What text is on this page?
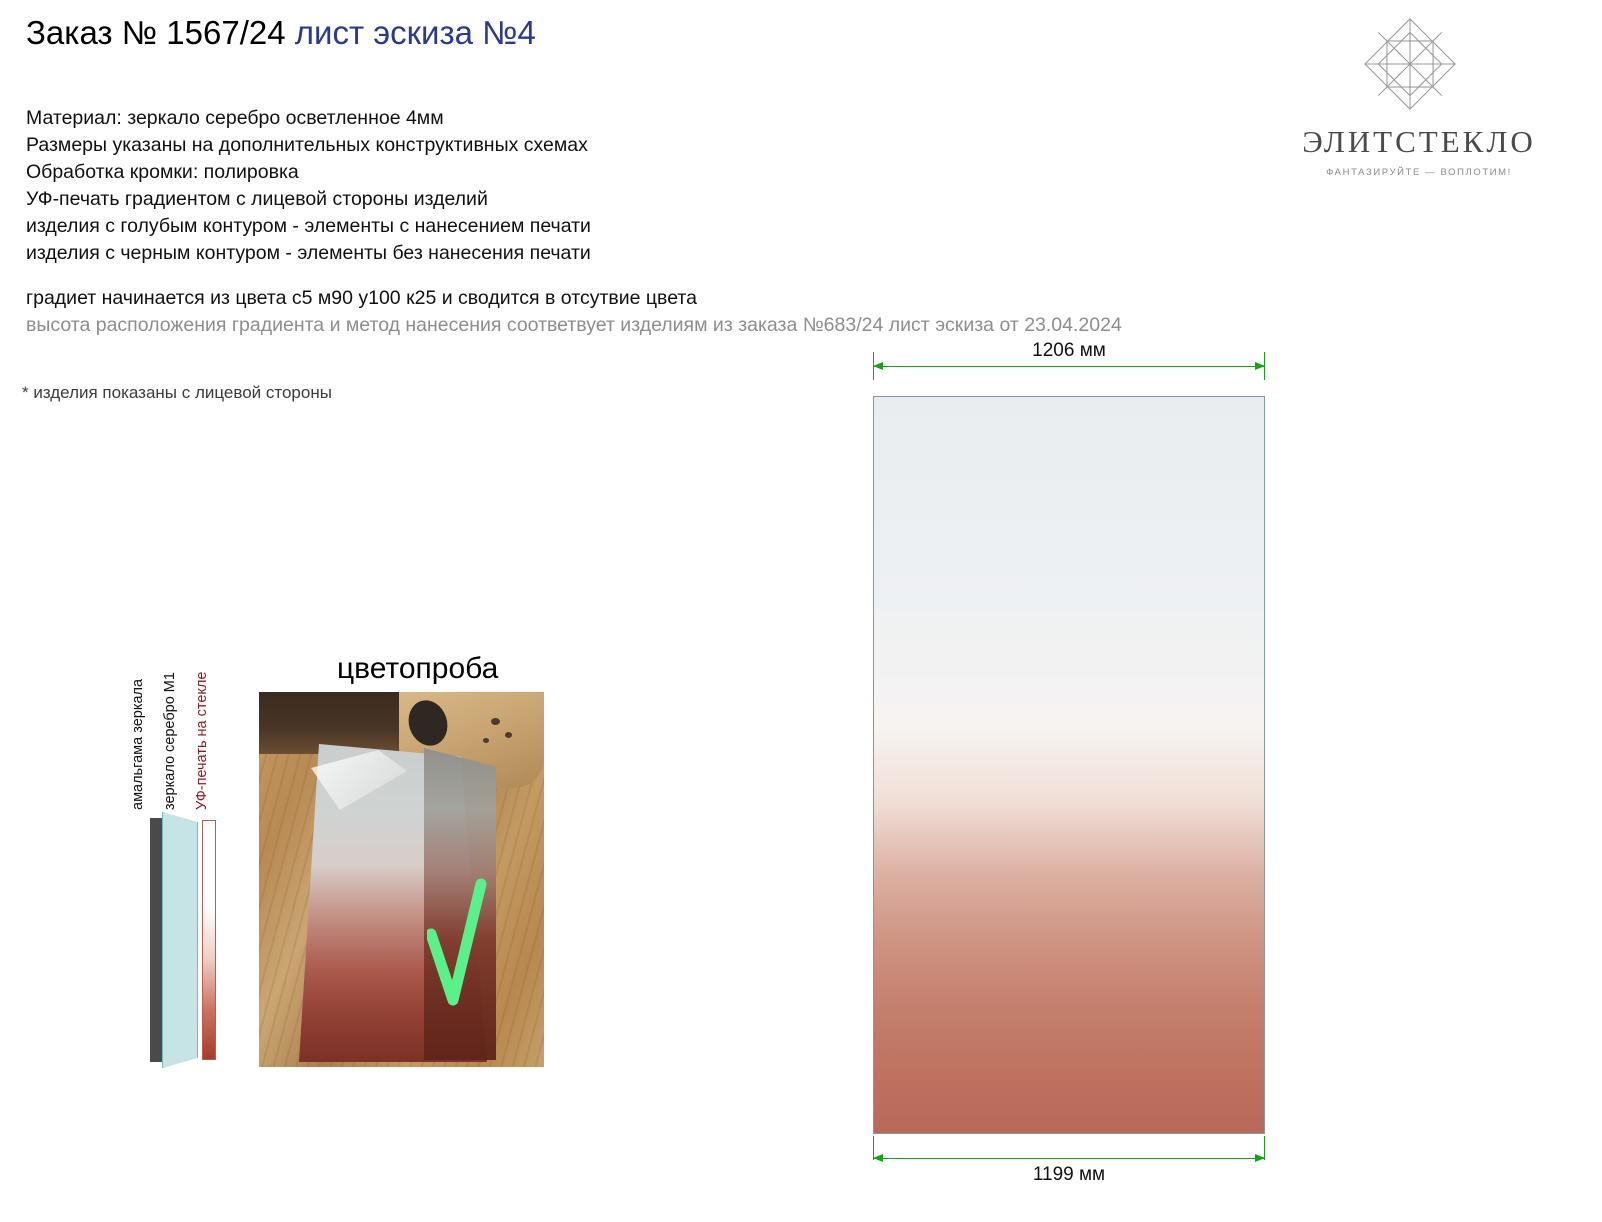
Заказ № 1567/24 лист эскиза №4
ЭЛИТСТЕКЛО
ФАНТАЗИРУЙТЕ — ВОПЛОТИМ!
Материал: зеркало серебро осветленное 4мм
Размеры указаны на дополнительных конструктивных схемах
Обработка кромки: полировка
УФ-печать градиентом с лицевой стороны изделий
изделия с голубым контуром - элементы с нанесением печати
изделия с черным контуром - элементы без нанесения печати
градиет начинается из цвета с5 м90 у100 к25 и сводится в отсутвие цвета
высота расположения градиента и метод нанесения соответвует изделиям из заказа №683/24 лист эскиза от 23.04.2024
* изделия показаны с лицевой стороны
амальгама зеркала зеркало серебро М1 УФ-печать на стекле
цветопроба
1206 мм
1199 мм
